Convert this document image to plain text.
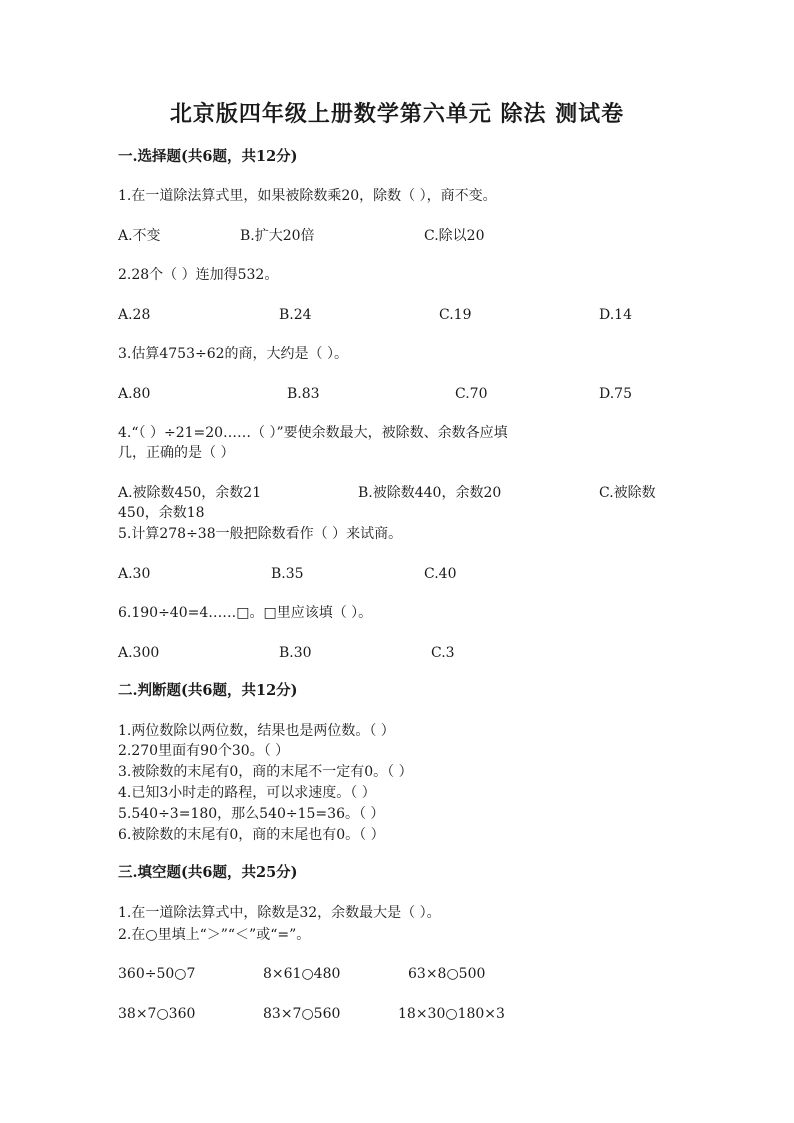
北京版四年级上册数学第六单元 除法 测试卷
一.选择题(共6题，共12分)
1.在一道除法算式里，如果被除数乘20，除数（ ），商不变。
A.不变	B.扩大20倍	C.除以20
2.28个（ ）连加得532。
A.28	B.24	C.19	D.14
3.估算4753÷62的商，大约是（ ）。
A.80	B.83	C.70	D.75
4.“（ ）÷21=20……（ ）”要使余数最大，被除数、余数各应填
几，正确的是（ ）
A.被除数450，余数21	B.被除数440，余数20	C.被除数
450，余数18
5.计算278÷38一般把除数看作（ ）来试商。
A.30	B.35	C.40
6.190÷40=4……□。□里应该填（ ）。
A.300	B.30	C.3
二.判断题(共6题，共12分)
1.两位数除以两位数，结果也是两位数。（ ）
2.270里面有90个30。（ ）
3.被除数的末尾有0，商的末尾不一定有0。（ ）
4.已知3小时走的路程，可以求速度。（ ）
5.540÷3=180，那么540÷15=36。（ ）
6.被除数的末尾有0，商的末尾也有0。（ ）
三.填空题(共6题，共25分)
1.在一道除法算式中，除数是32，余数最大是（ ）。
2.在○里填上“＞”“＜”或“=”。
360÷50○7	8×61○480	63×8○500
38×7○360	83×7○560	18×30○180×3
